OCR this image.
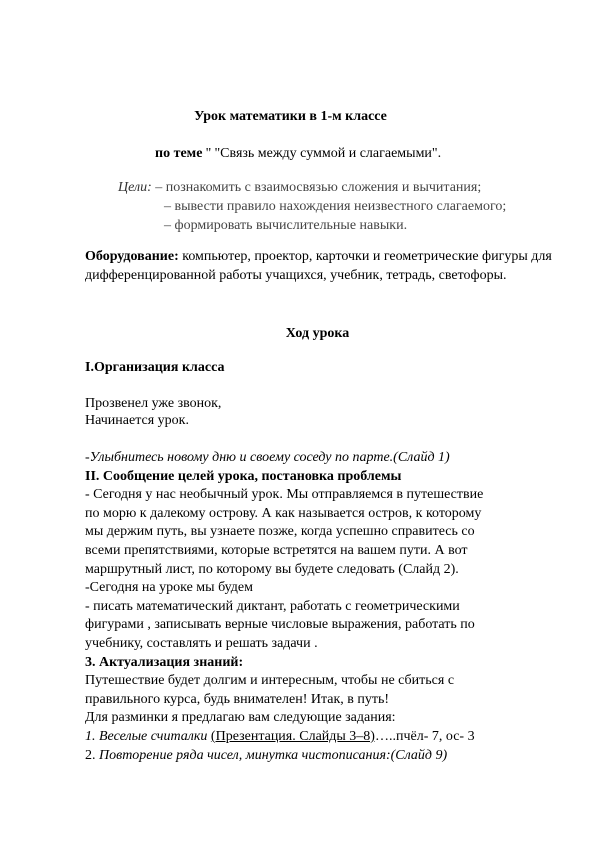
Урок математики в 1-м классе
по теме '' "Связь между суммой и слагаемыми".
Цели: – познакомить с взаимосвязью сложения и вычитания;
– вывести правило нахождения неизвестного слагаемого;
– формировать вычислительные навыки.
Оборудование: компьютер, проектор, карточки и геометрические фигуры для дифференцированной работы учащихся, учебник, тетрадь, светофоры.
Ход урока
I.Организация класса
Прозвенел уже звонок,
Начинается урок.
-Улыбнитесь новому дню и своему соседу по парте.(Слайд 1)
II. Сообщение целей урока, постановка проблемы
- Сегодня у нас необычный урок. Мы отправляемся в путешествие
по морю к далекому острову. А как называется остров, к которому
мы держим путь, вы узнаете позже, когда успешно справитесь со
всеми препятствиями, которые встретятся на вашем пути. А вот
маршрутный лист, по которому вы будете следовать (Слайд 2).
-Сегодня на уроке мы будем
- писать математический диктант, работать с геометрическими
фигурами , записывать верные числовые выражения, работать по
учебнику, составлять и решать задачи .
3. Актуализация знаний:
Путешествие будет долгим и интересным, чтобы не сбиться с
правильного курса, будь внимателен! Итак, в путь!
Для разминки я предлагаю вам следующие задания:
1. Веселые считалки (Презентация. Слайды 3–8)…..пчёл- 7, ос- 3
2. Повторение ряда чисел, минутка чистописания:(Слайд 9)
